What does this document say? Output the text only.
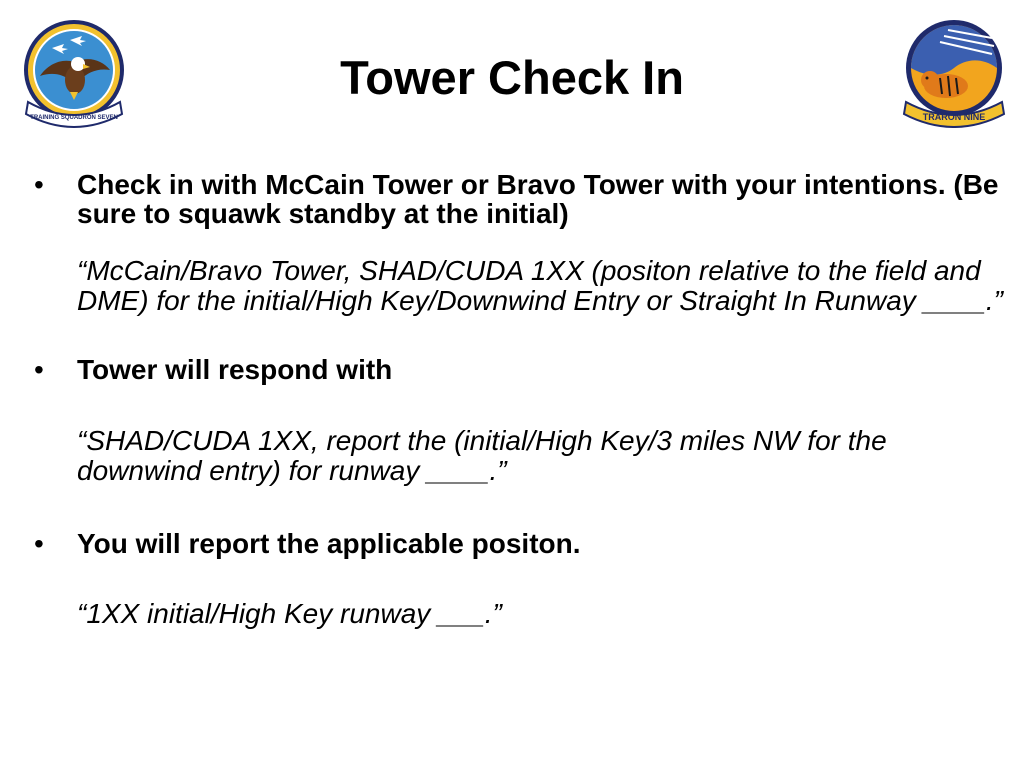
TRAINING SQUADRON SEVEN
Tower Check In
TRARON NINE
• Check in with McCain Tower or Bravo Tower with your intentions. (Be sure to squawk standby at the initial)
“McCain/Bravo Tower, SHAD/CUDA 1XX (positon relative to the field and DME) for the initial/High Key/Downwind Entry or Straight In Runway ____.”
• Tower will respond with
“SHAD/CUDA 1XX, report the (initial/High Key/3 miles NW for the downwind entry) for runway ____.”
• You will report the applicable positon.
“1XX initial/High Key runway ___.”
